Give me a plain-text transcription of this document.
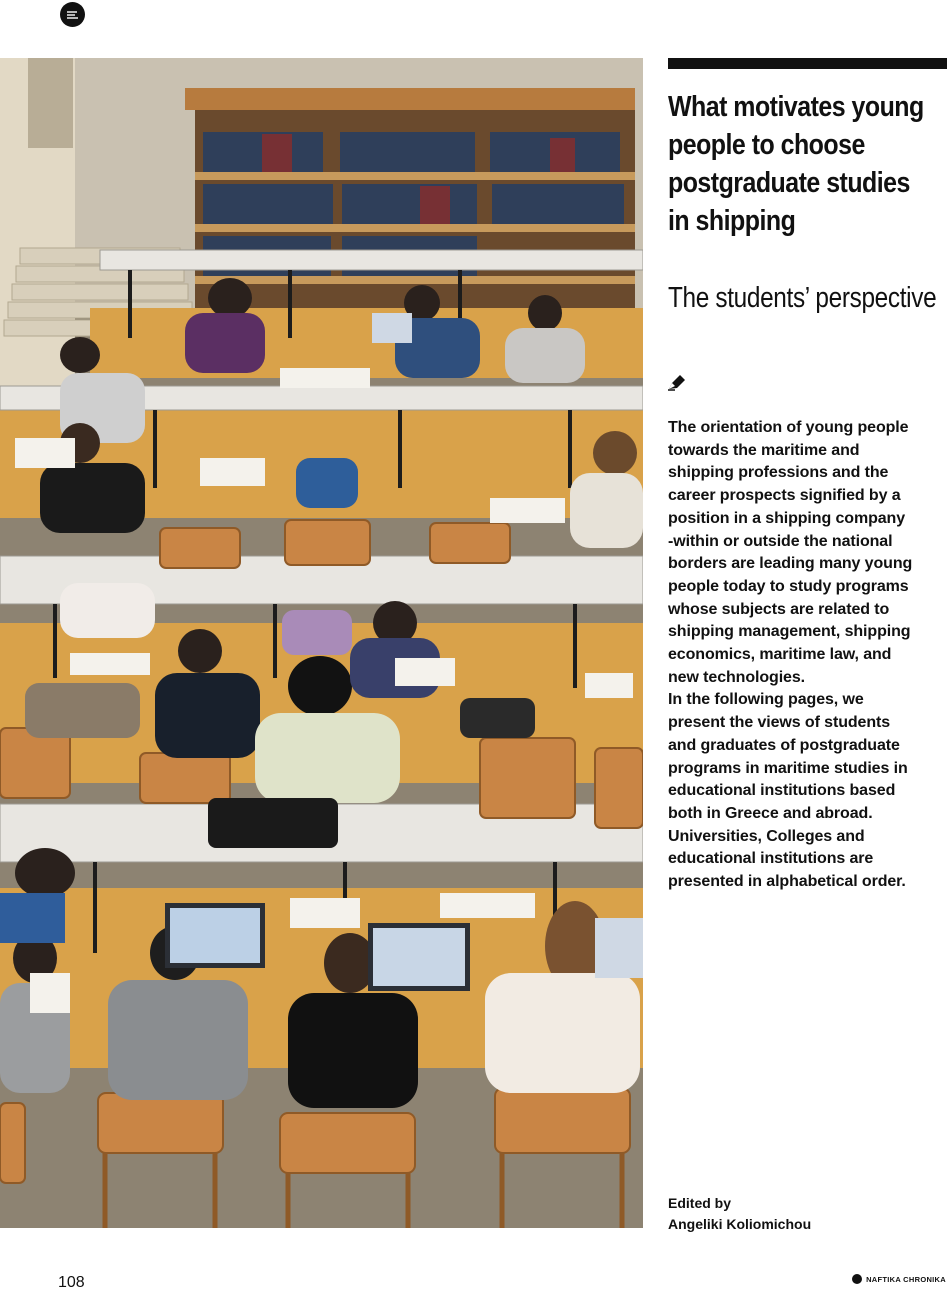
What motivates young
people to choose
postgraduate studies
in shipping
The students’ perspective

The orientation of young people

towards the maritime and

shipping professions and the

career prospects signified by a

position in a shipping company

-within or outside the national

borders are leading many young

people today to study programs

whose subjects are related to

shipping management, shipping

economics, maritime law, and

new technologies.

In the following pages, we

present the views of students

and graduates of postgraduate

programs in maritime studies in

educational institutions based

both in Greece and abroad.

Universities, Colleges and

educational institutions are

presented in alphabetical order.

Edited by
Angeliki Koliomichou
108	NAFTIKA CHRONIKA
